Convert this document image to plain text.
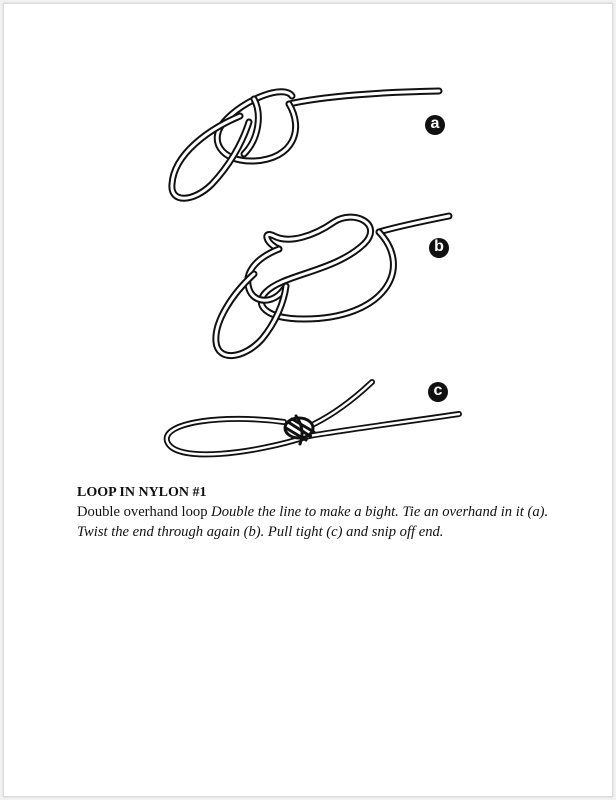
a
b
c
LOOP IN NYLON #1

Double overhand loop Double the line to make a bight. Tie an overhand in it (a). Twist the end through again (b). Pull tight (c) and snip off end.
